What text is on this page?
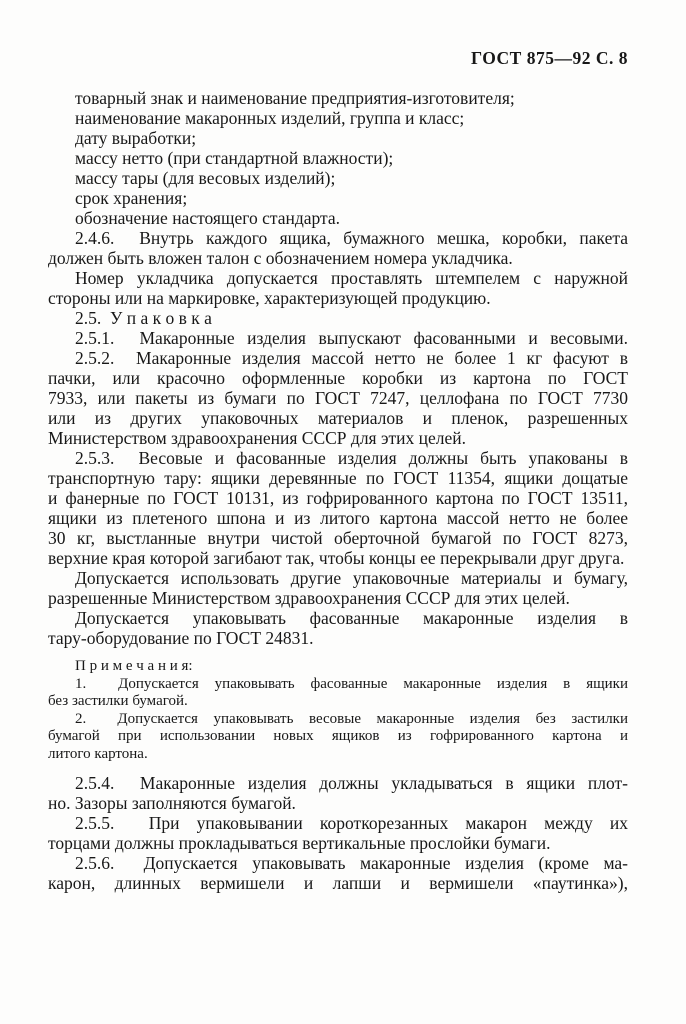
ГОСТ 875—92 С. 8
товарный знак и наименование предприятия-изготовителя;
наименование макаронных изделий, группа и класс;
дату выработки;
массу нетто (при стандартной влажности);
массу тары (для весовых изделий);
срок хранения;
обозначение настоящего стандарта.
2.4.6.  Внутрь каждого ящика, бумажного мешка, коробки, пакета
должен быть вложен талон с обозначением номера укладчика.
Номер укладчика допускается проставлять штемпелем с наружной
стороны или на маркировке, характеризующей продукцию.
2.5.  У п а к о в к а
2.5.1.  Макаронные изделия выпускают фасованными и весовыми.
2.5.2.  Макаронные изделия массой нетто не более 1 кг фасуют в
пачки, или красочно оформленные коробки из картона по ГОСТ
7933, или пакеты из бумаги по ГОСТ 7247, целлофана по ГОСТ 7730
или из других упаковочных материалов и пленок, разрешенных
Министерством здравоохранения СССР для этих целей.
2.5.3.  Весовые и фасованные изделия должны быть упакованы в
транспортную тару: ящики деревянные по ГОСТ 11354, ящики дощатые
и фанерные по ГОСТ 10131, из гофрированного картона по ГОСТ 13511,
ящики из плетеного шпона и из литого картона массой нетто не более
30 кг, выстланные внутри чистой оберточной бумагой по ГОСТ 8273,
верхние края которой загибают так, чтобы концы ее перекрывали друг друга.
Допускается использовать другие упаковочные материалы и бумагу,
разрешенные Министерством здравоохранения СССР для этих целей.
Допускается упаковывать фасованные макаронные изделия в
тару-оборудование по ГОСТ 24831.
П р и м е ч а н и я:
1.  Допускается упаковывать фасованные макаронные изделия в ящики
без застилки бумагой.
2.  Допускается упаковывать весовые макаронные изделия без застилки
бумагой при использовании новых ящиков из гофрированного картона и
литого картона.
2.5.4.  Макаронные изделия должны укладываться в ящики плот-
но. Зазоры заполняются бумагой.
2.5.5.  При упаковывании короткорезанных макарон между их
торцами должны прокладываться вертикальные прослойки бумаги.
2.5.6.  Допускается упаковывать макаронные изделия (кроме ма-
карон, длинных вермишели и лапши и вермишели «паутинка»),
